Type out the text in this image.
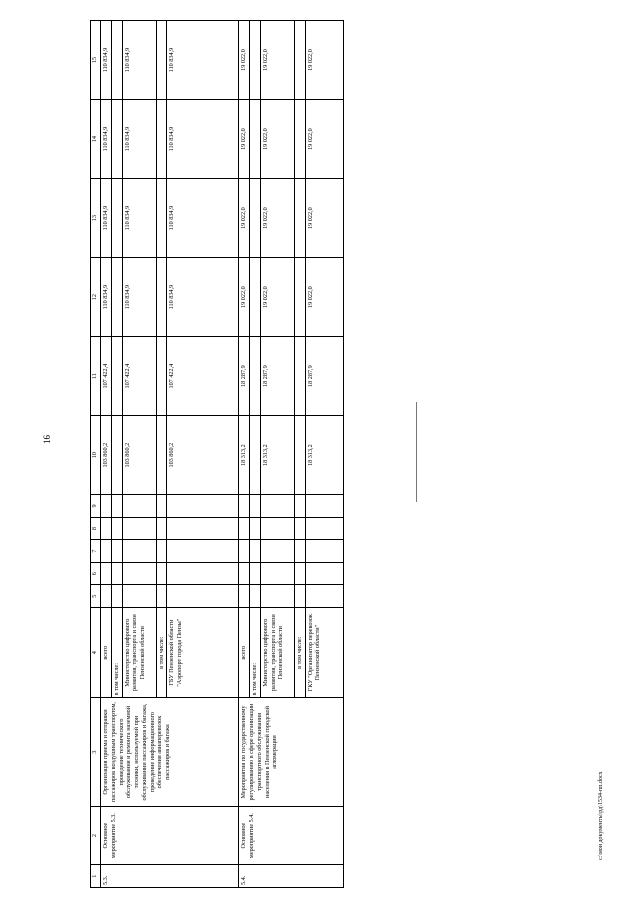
16
c:\мои документы\рд\1534-пп.docx
1	2	3	4	5	6	7	8	9	10	11	12	13	14	15
5.3.	Основное мероприятие 5.3.	Организация приема и отправки пассажиров воздушным транспортом, проведение технического обслуживания и ремонта наземной техники, используемой при обслуживании пассажиров и багажа, проведение информационного обеспечения авиаперевозок пассажиров и багажа	всего						103 860,2	107 422,4	110 834,9	110 834,9	110 834,9	110 834,9
			в том числе:											
			Министерство цифрового развития, транспорта и связи Пензенской области						103 860,2	107 422,4	110 834,9	110 834,9	110 834,9	110 834,9
			в том числе:											
			ГБУ Пензенской области "Аэропорт города Пензы"						103 860,2	107 422,4	110 834,9	110 834,9	110 834,9	110 834,9
5.4.	Основное мероприятие 5.4.	Мероприятия по государственному регулированию в сфере организации транспортного обслуживания населения в Пензенской городской агломерации	всего						18 313,2	18 287,9	19 022,0	19 022,0	19 022,0	19 022,0
			в том числе:											
			Министерство цифрового развития, транспорта и связи Пензенской области						18 313,2	18 287,9	19 022,0	19 022,0	19 022,0	19 022,0
			в том числе:											
			ГКУ "Организатор перевозок Пензенской области"						18 313,2	18 287,9	19 022,0	19 022,0	19 022,0	19 022,0
